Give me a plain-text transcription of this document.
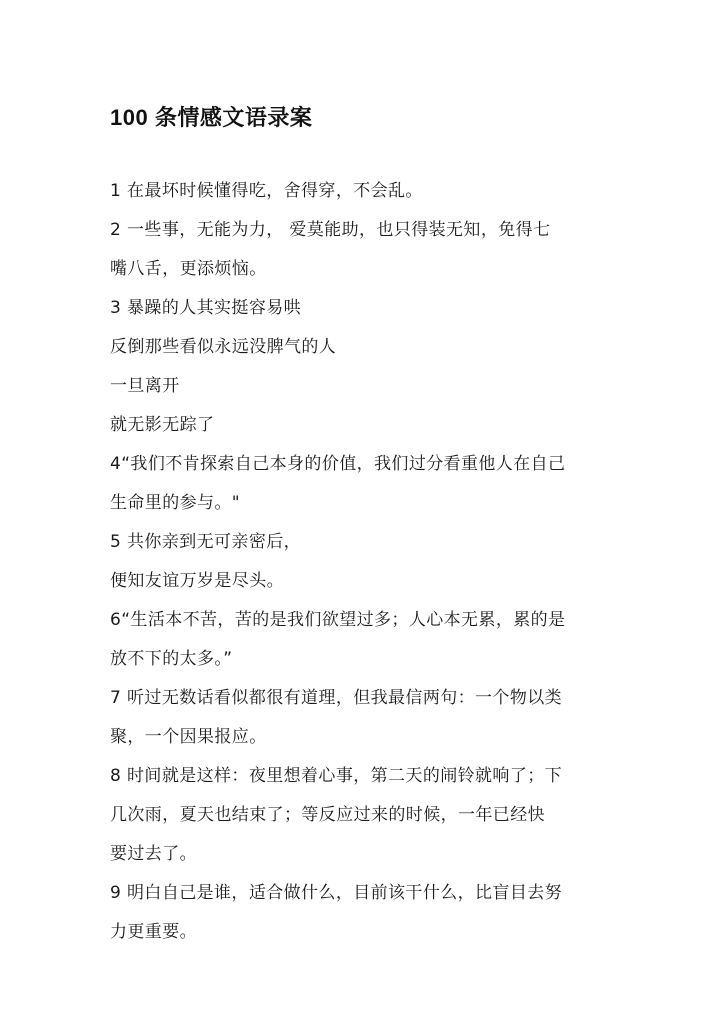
100 条情感文语录案

1 在最坏时候懂得吃，舍得穿，不会乱。

2 一些事，无能为力， 爱莫能助，也只得装无知，免得七

嘴八舌，更添烦恼。

3 暴躁的人其实挺容易哄

反倒那些看似永远没脾气的人

一旦离开

就无影无踪了

4“我们不肯探索自己本身的价值，我们过分看重他人在自己

生命里的参与。"

5 共你亲到无可亲密后，

便知友谊万岁是尽头。

6“生活本不苦，苦的是我们欲望过多；人心本无累，累的是

放不下的太多。”

7 听过无数话看似都很有道理，但我最信两句：一个物以类

聚，一个因果报应。

8 时间就是这样：夜里想着心事，第二天的闹铃就响了；下

几次雨，夏天也结束了；等反应过来的时候，一年已经快

要过去了。

9 明白自己是谁，适合做什么，目前该干什么，比盲目去努

力更重要。
